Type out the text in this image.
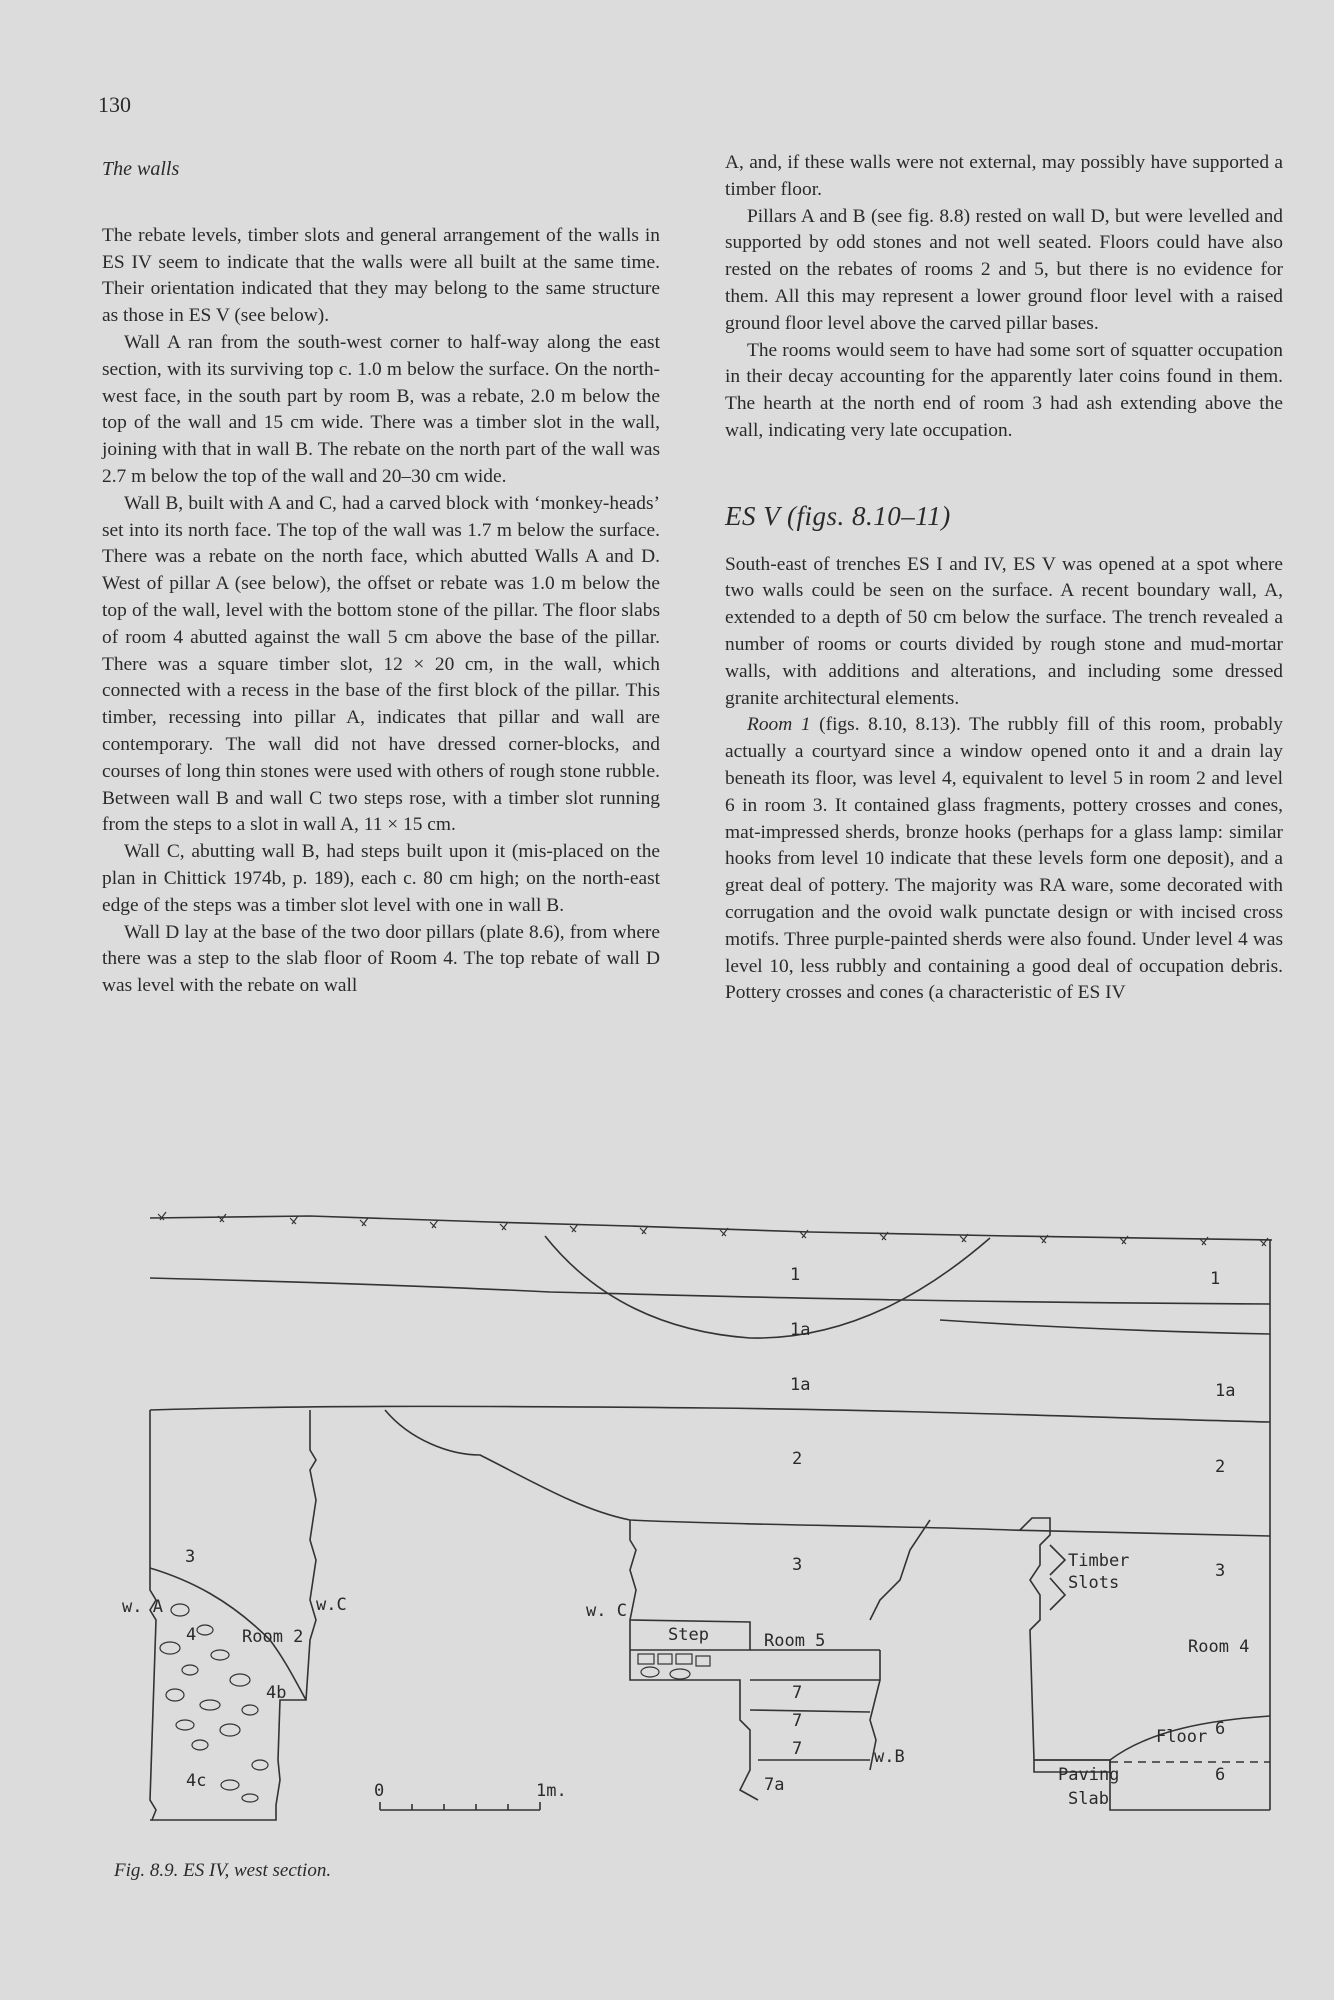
130
The walls

The rebate levels, timber slots and general arrangement of the walls in ES IV seem to indicate that the walls were all built at the same time. Their orientation indicated that they may belong to the same structure as those in ES V (see below).

Wall A ran from the south-west corner to half-way along the east section, with its surviving top c. 1.0 m below the surface. On the north-west face, in the south part by room B, was a rebate, 2.0 m below the top of the wall and 15 cm wide. There was a timber slot in the wall, joining with that in wall B. The rebate on the north part of the wall was 2.7 m below the top of the wall and 20–30 cm wide.

Wall B, built with A and C, had a carved block with ‘monkey-heads’ set into its north face. The top of the wall was 1.7 m below the surface. There was a rebate on the north face, which abutted Walls A and D. West of pillar A (see below), the offset or rebate was 1.0 m below the top of the wall, level with the bottom stone of the pillar. The floor slabs of room 4 abutted against the wall 5 cm above the base of the pillar. There was a square timber slot, 12 × 20 cm, in the wall, which connected with a recess in the base of the first block of the pillar. This timber, recessing into pillar A, indicates that pillar and wall are contemporary. The wall did not have dressed corner-blocks, and courses of long thin stones were used with others of rough stone rubble. Between wall B and wall C two steps rose, with a timber slot running from the steps to a slot in wall A, 11 × 15 cm.

Wall C, abutting wall B, had steps built upon it (mis-placed on the plan in Chittick 1974b, p. 189), each c. 80 cm high; on the north-east edge of the steps was a timber slot level with one in wall B.

Wall D lay at the base of the two door pillars (plate 8.6), from where there was a step to the slab floor of Room 4. The top rebate of wall D was level with the rebate on wall

A, and, if these walls were not external, may possibly have supported a timber floor.

Pillars A and B (see fig. 8.8) rested on wall D, but were levelled and supported by odd stones and not well seated. Floors could have also rested on the rebates of rooms 2 and 5, but there is no evidence for them. All this may represent a lower ground floor level with a raised ground floor level above the carved pillar bases.

The rooms would seem to have had some sort of squatter occupation in their decay accounting for the apparently later coins found in them. The hearth at the north end of room 3 had ash extending above the wall, indicating very late occupation.

ES V (figs. 8.10–11)

South-east of trenches ES I and IV, ES V was opened at a spot where two walls could be seen on the surface. A recent boundary wall, A, extended to a depth of 50 cm below the surface. The trench revealed a number of rooms or courts divided by rough stone and mud-mortar walls, with additions and alterations, and including some dressed granite architectural elements.

Room 1 (figs. 8.10, 8.13). The rubbly fill of this room, probably actually a courtyard since a window opened onto it and a drain lay beneath its floor, was level 4, equivalent to level 5 in room 2 and level 6 in room 3. It contained glass fragments, pottery crosses and cones, mat-impressed sherds, bronze hooks (perhaps for a glass lamp: similar hooks from level 10 indicate that these levels form one deposit), and a great deal of pottery. The majority was RA ware, some decorated with corrugation and the ovoid walk punctate design or with incised cross motifs. Three purple-painted sherds were also found. Under level 4 was level 10, less rubbly and containing a good deal of occupation debris. Pottery crosses and cones (a characteristic of ES IV

1	1
1a
1a	1a
2	2
3	3	3
w. A	w.C	w. C
w.B
Room 2	Room 5	Room 4
4
4b
4c
Step
7
7
7
7a
Timber
Slots
Floor 6
6
Paving
Slab
0	1m.
Fig. 8.9. ES IV, west section.
